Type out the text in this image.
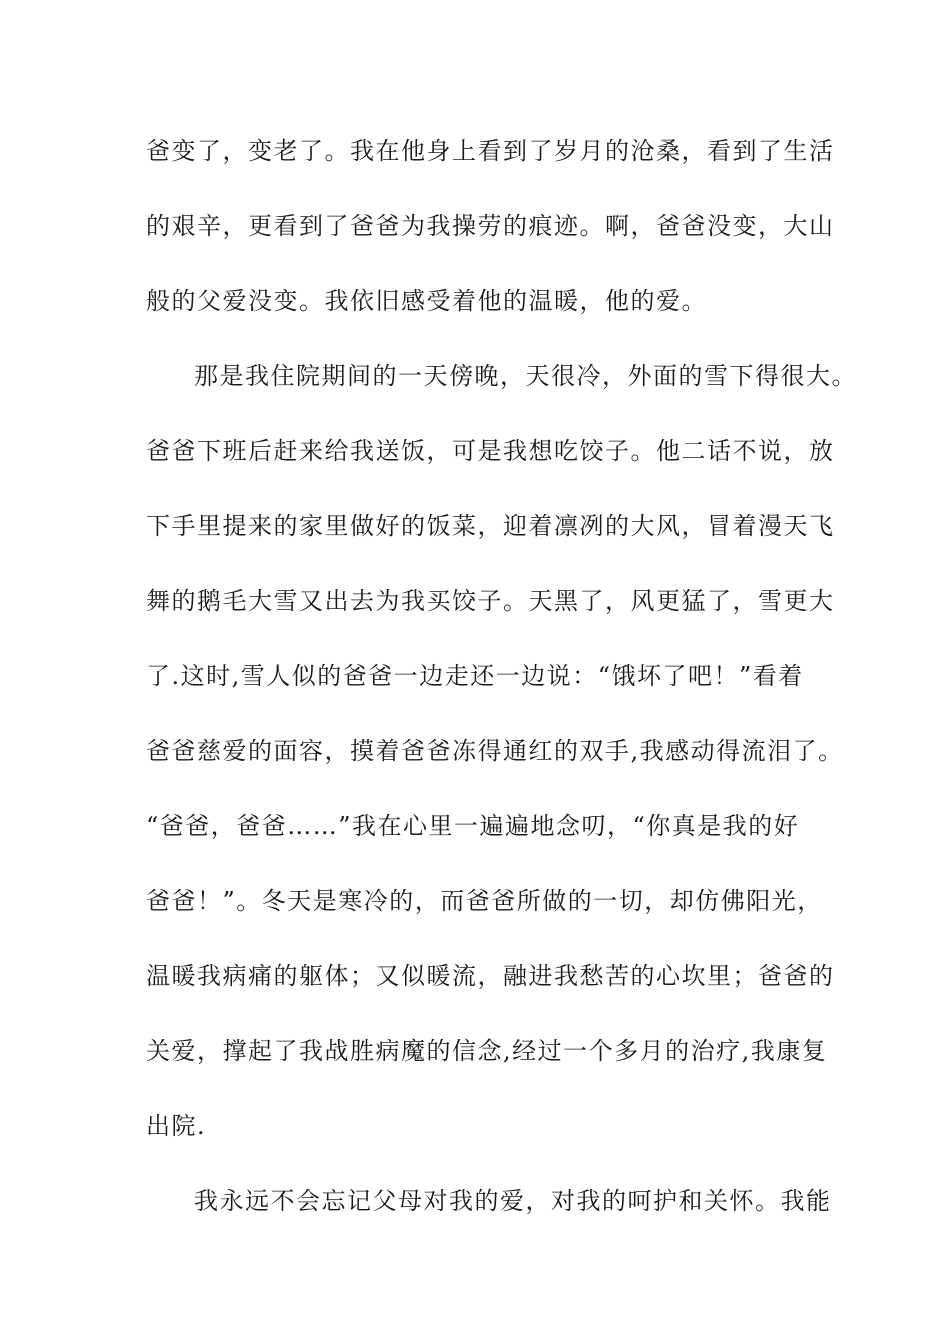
爸变了，变老了。我在他身上看到了岁月的沧桑，看到了生活
的艰辛，更看到了爸爸为我操劳的痕迹。啊，爸爸没变，大山
般的父爱没变。我依旧感受着他的温暖，他的爱。
那是我住院期间的一天傍晚，天很冷，外面的雪下得很大。
爸爸下班后赶来给我送饭，可是我想吃饺子。他二话不说，放
下手里提来的家里做好的饭菜，迎着凛冽的大风，冒着漫天飞
舞的鹅毛大雪又出去为我买饺子。天黑了，风更猛了，雪更大
了.这时,雪人似的爸爸一边走还一边说：“饿坏了吧！”看着
爸爸慈爱的面容，摸着爸爸冻得通红的双手,我感动得流泪了。
“爸爸，爸爸……”我在心里一遍遍地念叨，“你真是我的好
爸爸！”。冬天是寒冷的，而爸爸所做的一切，却仿佛阳光，
温暖我病痛的躯体；又似暖流，融进我愁苦的心坎里；爸爸的
关爱，撑起了我战胜病魔的信念,经过一个多月的治疗,我康复
出院.
我永远不会忘记父母对我的爱，对我的呵护和关怀。我能
